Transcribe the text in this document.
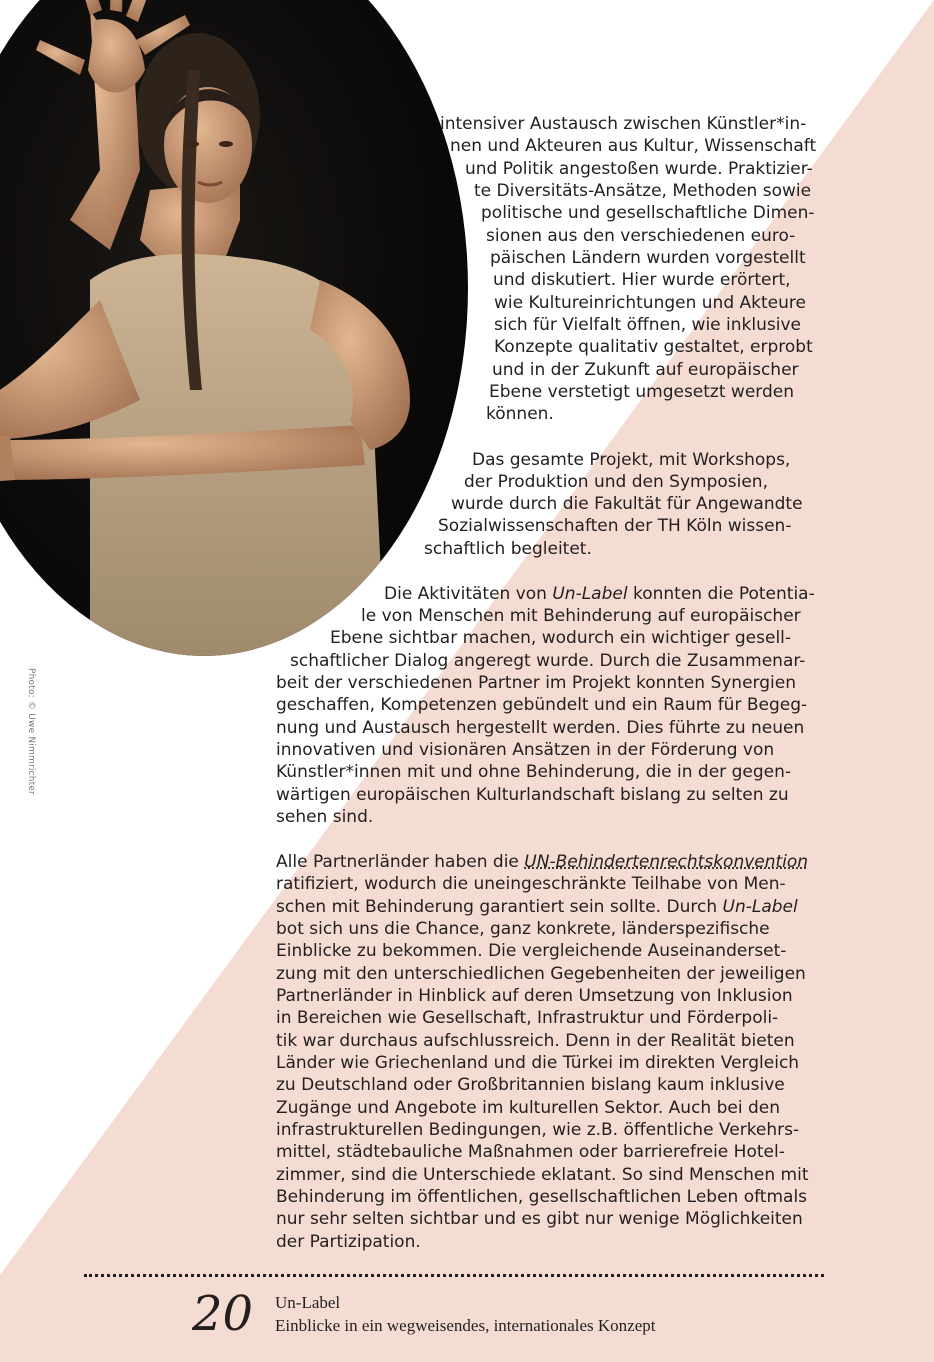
Photo: © Uwe Nimmrichter
intensiver Austausch zwischen Künstler*in-
nen und Akteuren aus Kultur, Wissenschaft
und Politik angestoßen wurde. Praktizier-
te Diversitäts-Ansätze, Methoden sowie
politische und gesellschaftliche Dimen-
sionen aus den verschiedenen euro-
päischen Ländern wurden vorgestellt
und diskutiert. Hier wurde erörtert,
wie Kultureinrichtungen und Akteure
sich für Vielfalt öffnen, wie inklusive
Konzepte qualitativ gestaltet, erprobt
und in der Zukunft auf europäischer
Ebene verstetigt umgesetzt werden
können.
Das gesamte Projekt, mit Workshops,
der Produktion und den Symposien,
wurde durch die Fakultät für Angewandte
Sozialwissenschaften der TH Köln wissen-
schaftlich begleitet.
Die Aktivitäten von Un-Label konnten die Potentia-
le von Menschen mit Behinderung auf europäischer
Ebene sichtbar machen, wodurch ein wichtiger gesell-
schaftlicher Dialog angeregt wurde. Durch die Zusammenar-
beit der verschiedenen Partner im Projekt konnten Synergien
geschaffen, Kompetenzen gebündelt und ein Raum für Begeg-
nung und Austausch hergestellt werden. Dies führte zu neuen
innovativen und visionären Ansätzen in der Förderung von
Künstler*innen mit und ohne Behinderung, die in der gegen-
wärtigen europäischen Kulturlandschaft bislang zu selten zu
sehen sind.
Alle Partnerländer haben die UN-Behindertenrechtskonvention
ratifiziert, wodurch die uneingeschränkte Teilhabe von Men-
schen mit Behinderung garantiert sein sollte. Durch Un-Label
bot sich uns die Chance, ganz konkrete, länderspezifische
Einblicke zu bekommen. Die vergleichende Auseinanderset-
zung mit den unterschiedlichen Gegebenheiten der jeweiligen
Partnerländer in Hinblick auf deren Umsetzung von Inklusion
in Bereichen wie Gesellschaft, Infrastruktur und Förderpoli-
tik war durchaus aufschlussreich. Denn in der Realität bieten
Länder wie Griechenland und die Türkei im direkten Vergleich
zu Deutschland oder Großbritannien bislang kaum inklusive
Zugänge und Angebote im kulturellen Sektor. Auch bei den
infrastrukturellen Bedingungen, wie z.B. öffentliche Verkehrs-
mittel, städtebauliche Maßnahmen oder barrierefreie Hotel-
zimmer, sind die Unterschiede eklatant. So sind Menschen mit
Behinderung im öffentlichen, gesellschaftlichen Leben oftmals
nur sehr selten sichtbar und es gibt nur wenige Möglichkeiten
der Partizipation.
20 Un-Label
Einblicke in ein wegweisendes, internationales Konzept
